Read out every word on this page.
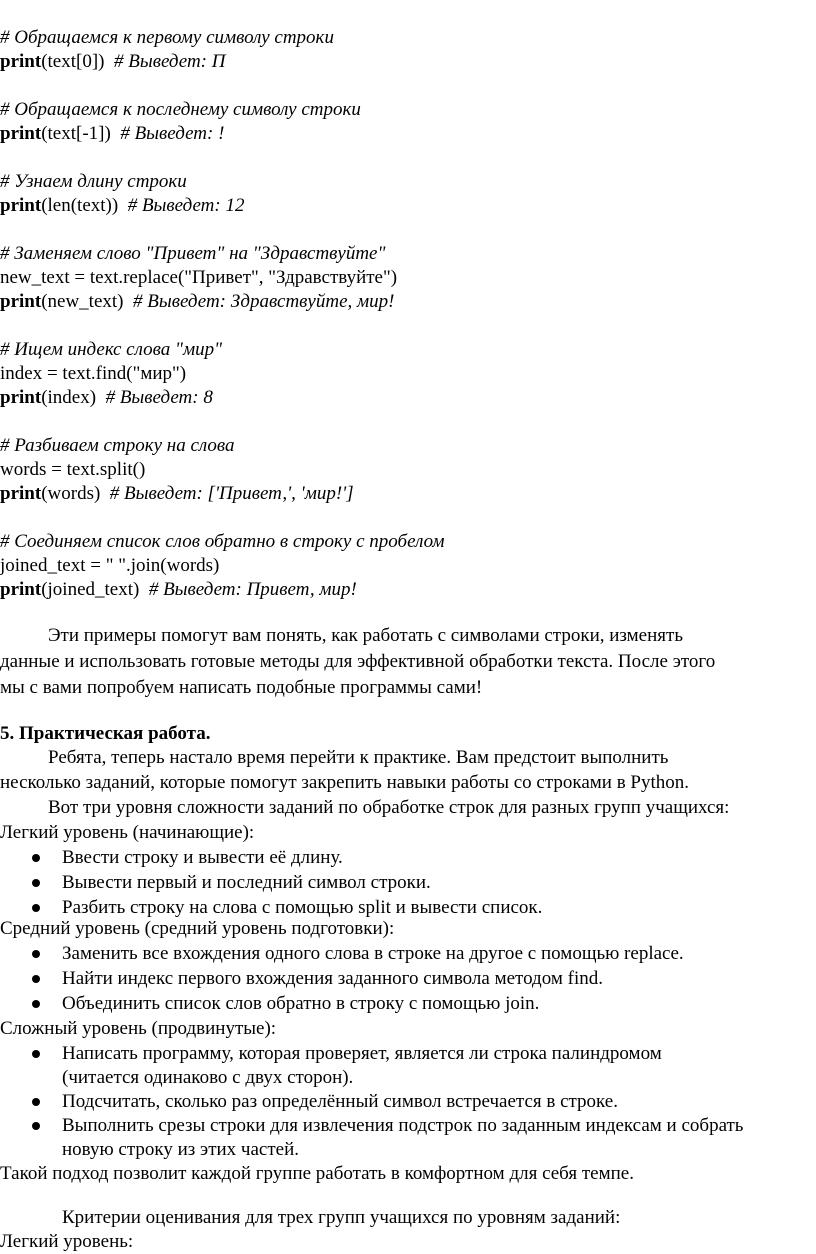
# Обращаемся к первому символу строки
print(text[0]) # Выведет: П
# Обращаемся к последнему символу строки
print(text[-1]) # Выведет: !
# Узнаем длину строки
print(len(text)) # Выведет: 12
# Заменяем слово "Привет" на "Здравствуйте"
new_text = text.replace("Привет", "Здравствуйте")
print(new_text) # Выведет: Здравствуйте, мир!
# Ищем индекс слова "мир"
index = text.find("мир")
print(index) # Выведет: 8
# Разбиваем строку на слова
words = text.split()
print(words) # Выведет: ['Привет,', 'мир!']
# Соединяем список слов обратно в строку с пробелом
joined_text = " ".join(words)
print(joined_text) # Выведет: Привет, мир!
Эти примеры помогут вам понять, как работать с символами строки, изменять
данные и использовать готовые методы для эффективной обработки текста. После этого
мы с вами попробуем написать подобные программы сами!
5. Практическая работа.
Ребята, теперь настало время перейти к практике. Вам предстоит выполнить
несколько заданий, которые помогут закрепить навыки работы со строками в Python.
Вот три уровня сложности заданий по обработке строк для разных групп учащихся:
Легкий уровень (начинающие):
Ввести строку и вывести её длину.
Вывести первый и последний символ строки.
Разбить строку на слова с помощью split и вывести список.
Средний уровень (средний уровень подготовки):
Заменить все вхождения одного слова в строке на другое с помощью replace.
Найти индекс первого вхождения заданного символа методом find.
Объединить список слов обратно в строку с помощью join.
Сложный уровень (продвинутые):
Написать программу, которая проверяет, является ли строка палиндромом
(читается одинаково с двух сторон).
Подсчитать, сколько раз определённый символ встречается в строке.
Выполнить срезы строки для извлечения подстрок по заданным индексам и собрать
новую строку из этих частей.
Такой подход позволит каждой группе работать в комфортном для себя темпе.
Критерии оценивания для трех групп учащихся по уровням заданий:
Легкий уровень:
